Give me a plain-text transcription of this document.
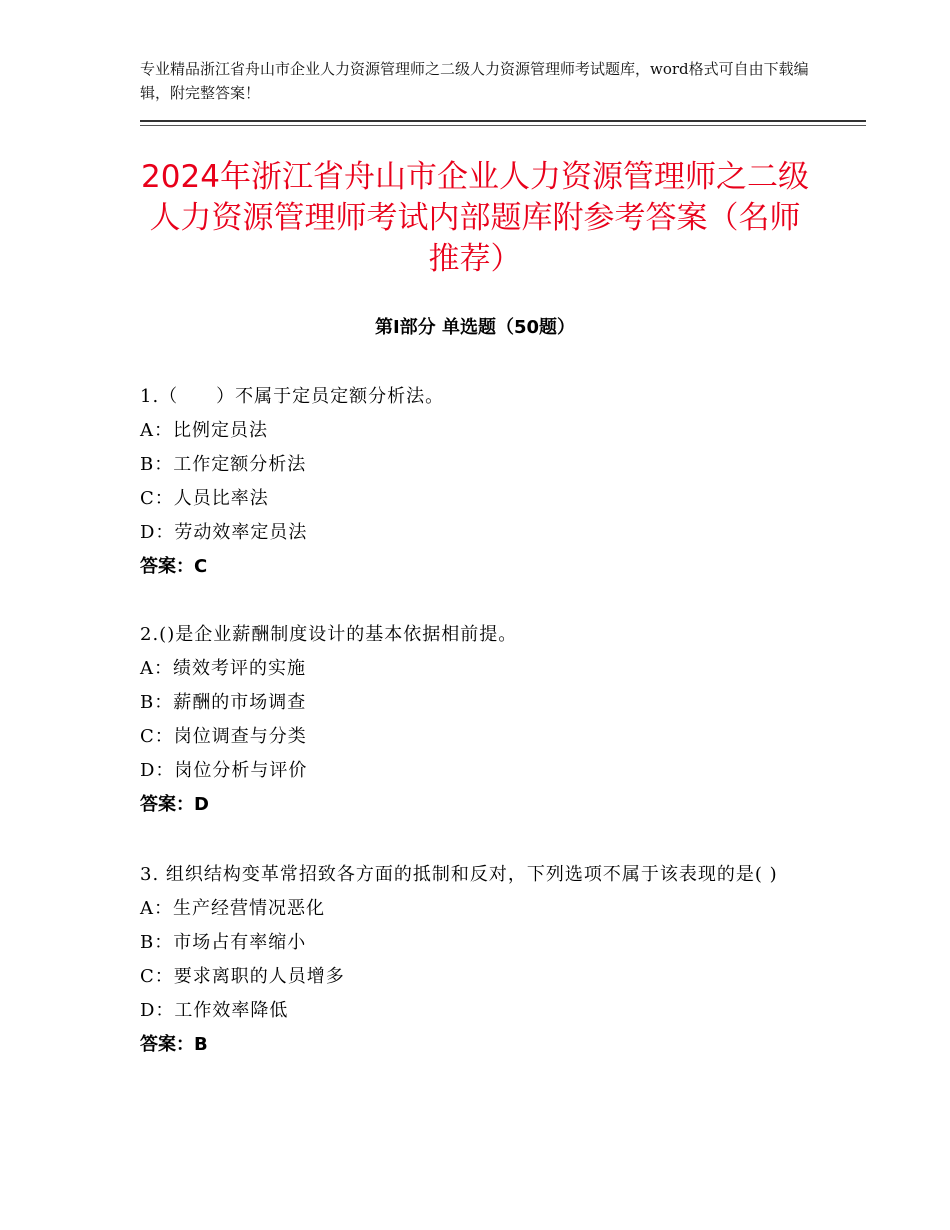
专业精品浙江省舟山市企业人力资源管理师之二级人力资源管理师考试题库，word格式可自由下载编辑，附完整答案！
2024年浙江省舟山市企业人力资源管理师之二级人力资源管理师考试内部题库附参考答案（名师推荐）
第Ⅰ部分 单选题（50题）
1.（　　）不属于定员定额分析法。
A：比例定员法
B：工作定额分析法
C：人员比率法
D：劳动效率定员法
答案：C
2.()是企业薪酬制度设计的基本依据相前提。
A：绩效考评的实施
B：薪酬的市场调查
C：岗位调查与分类
D：岗位分析与评价
答案：D
3. 组织结构变革常招致各方面的抵制和反对，下列选项不属于该表现的是( )
A：生产经营情况恶化
B：市场占有率缩小
C：要求离职的人员增多
D：工作效率降低
答案：B
